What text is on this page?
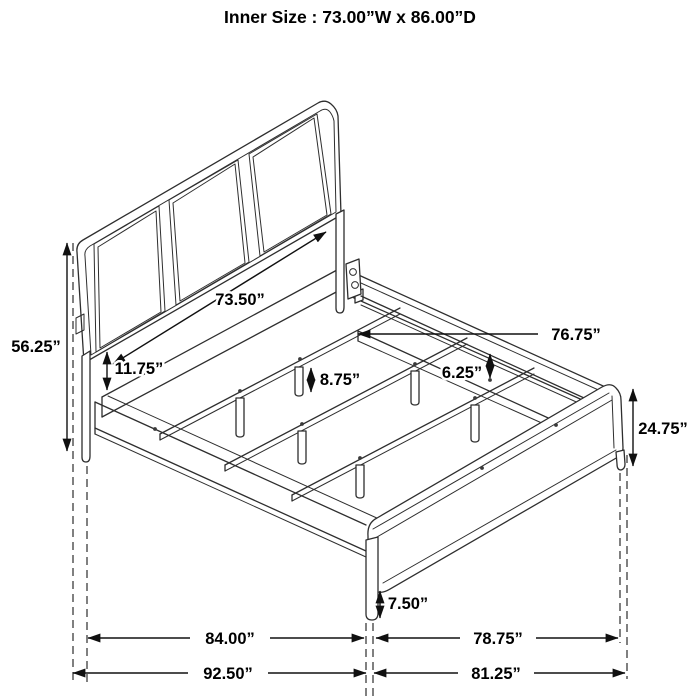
73.50”
56.25”
11.75”
8.75”	6.25”
76.75”
24.75”
7.50”
84.00”	78.75”
92.50”	81.25”
Inner Size : 73.00”W x 86.00”D
